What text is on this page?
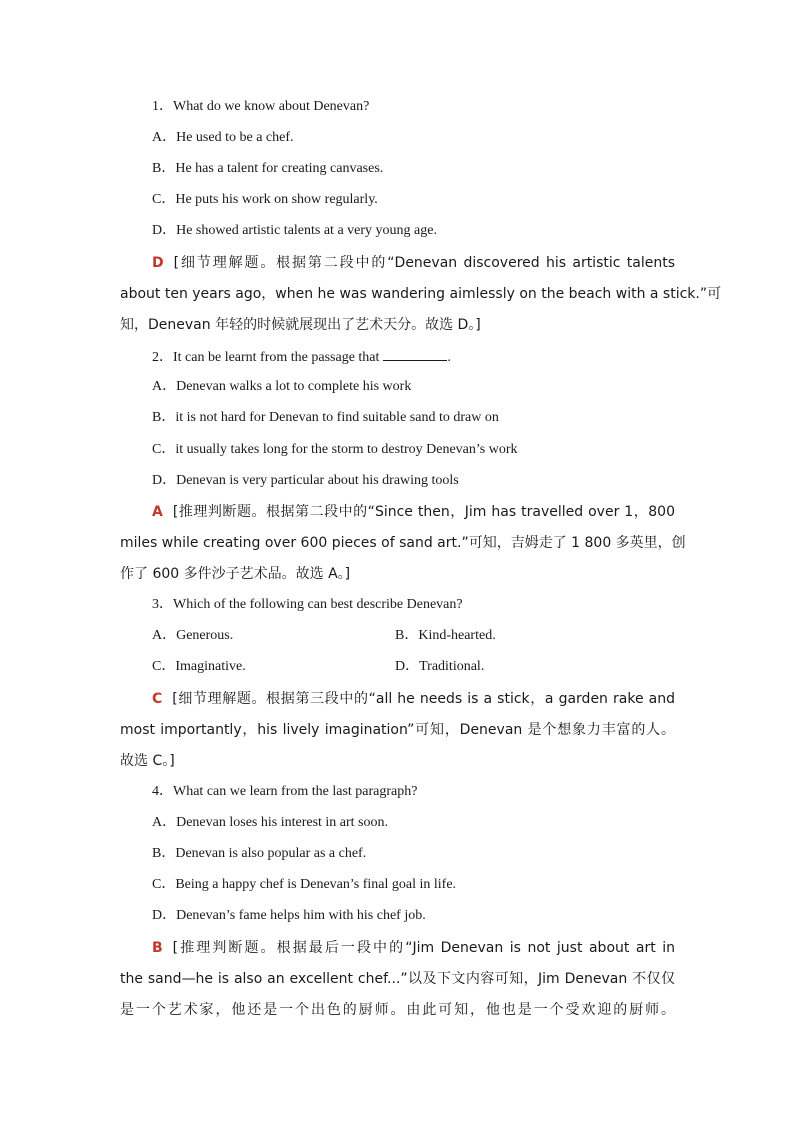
1．What do we know about Denevan?
A．He used to be a chef.
B．He has a talent for creating canvases.
C．He puts his work on show regularly.
D．He showed artistic talents at a very young age.
D [细节理解题。根据第二段中的“Denevan discovered his artistic talents
about ten years ago，when he was wandering aimlessly on the beach with a stick.”可
知，Denevan 年轻的时候就展现出了艺术天分。故选 D。]
2．It can be learnt from the passage that	.
A．Denevan walks a lot to complete his work
B．it is not hard for Denevan to find suitable sand to draw on
C．it usually takes long for the storm to destroy Denevan’s work
D．Denevan is very particular about his drawing tools
A [推理判断题。根据第二段中的“Since then，Jim has travelled over 1，800
miles while creating over 600 pieces of sand art.”可知，吉姆走了 1 800 多英里，创
作了 600 多件沙子艺术品。故选 A。]
3．Which of the following can best describe Denevan?
A．Generous.	B．Kind-hearted.
C．Imaginative.	D．Traditional.
C [细节理解题。根据第三段中的“all he needs is a stick，a garden rake and
most importantly，his lively imagination”可知，Denevan 是个想象力丰富的人。
故选 C。]
4．What can we learn from the last paragraph?
A．Denevan loses his interest in art soon.
B．Denevan is also popular as a chef.
C．Being a happy chef is Denevan’s final goal in life.
D．Denevan’s fame helps him with his chef job.
B [推理判断题。根据最后一段中的“Jim Denevan is not just about art in
the sand—he is also an excellent chef...”以及下文内容可知，Jim Denevan 不仅仅
是一个艺术家，他还是一个出色的厨师。由此可知，他也是一个受欢迎的厨师。
